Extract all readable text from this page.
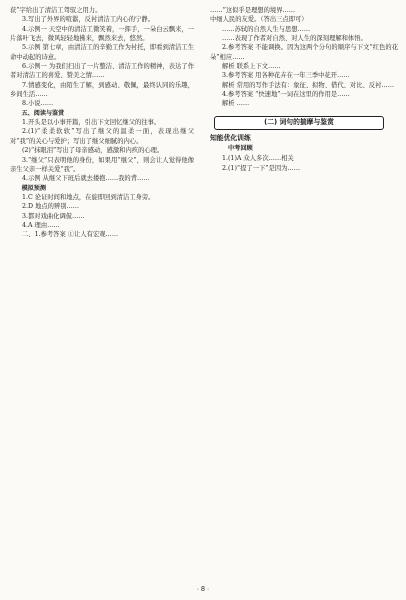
获”字给出了清洁工驾驭之用力。

3.写出了外界的喧嚣，反衬清洁工内心的宁静。

4.示例一 天空中的清洁工微笑着，一挥手，一朵白云飘来，一片落叶飞去，微风轻轻地拂来，飘然来去，悠然。

5.示例 第七章，由清洁工的辛勤工作为衬托，即看到清洁工生命中动起的诗意。

6.示例一 为我们扫出了一片整洁、清洁工作的精神，表达了作者对清洁工的喜爱、赞美之情……

7.情感变化，由陌生了解，到感动、敬佩，最终认同的乐趣，乡间生活……

8.小说……

五、阅读与鉴赏

1.开头是以小事开篇，引出下文回忆继父的往事。

2.(1)“柔柔软软”写出了继父的温柔一面，表现出继父对“我”的关心与爱护；写出了继父细腻的内心。

(2)“抹眼泪”写出了母亲感动，感激和内疚的心理。

3.“继父”只表明他的身份，如果用“继父”，则会让人觉得他像亲生父亲一样关爱“我”。

4.示例 从继父下班后就去搂抱……我的背……

模拟预测

1.C 论证时间和地点，在旋即回到清洁工身旁。

2.D 地点的辨别……

3.都对戏曲化调侃……

4.A 理由……

二、1.参考答案 ①让人有宏观……

……”这似乎是理想的境界……

中细人民的友爱。（答出三点即可）

……苏轼的自然人生与思想……

……表现了作者对自然、对人生的深刻理解和体悟。

2.参考答案 不能调换。因为这两个分句的顺序与下文“红色的花朵”相应……

解析 联系上下文……

3.参考答案 用各种花卉在一年三季中花开……

解析 常用的写作手法有：象征、拟物、借代、对比、反衬……

4.参考答案 “快速地”一词在这里的作用是……

解析 ……

(二) 词句的揣摩与鉴赏
知能优化训练
中考回顾

1.(1)A 众人多次……相关

2.(1)“提了一下”是因为……

· 8 ·
